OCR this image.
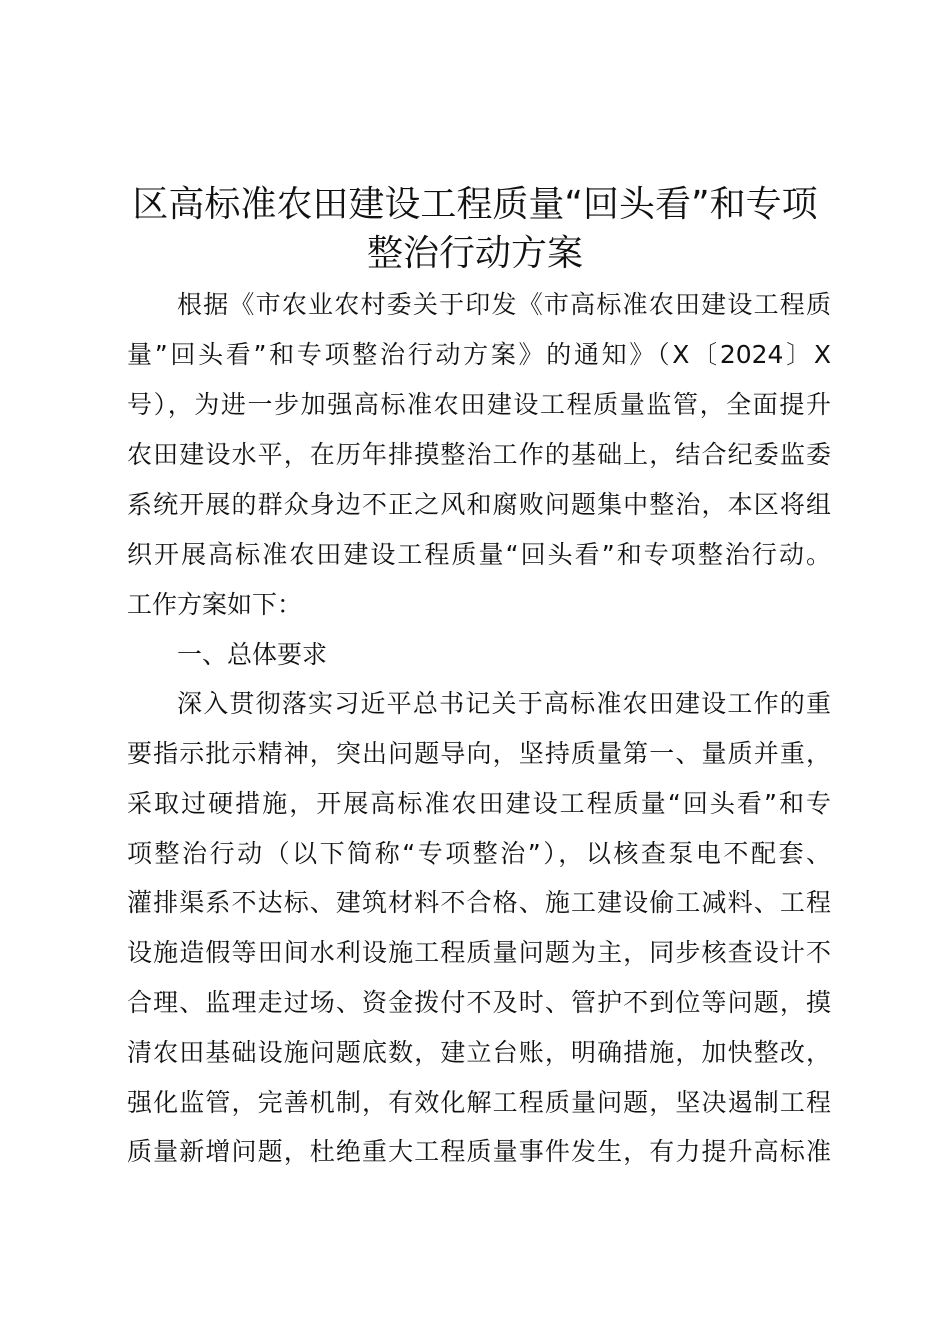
区高标准农田建设工程质量“回头看”和专项
整治行动方案
根据《市农业农村委关于印发《市高标准农田建设工程质
量”回头看”和专项整治行动方案》的通知》（X〔2024〕X
号），为进一步加强高标准农田建设工程质量监管，全面提升
农田建设水平，在历年排摸整治工作的基础上，结合纪委监委
系统开展的群众身边不正之风和腐败问题集中整治，本区将组
织开展高标准农田建设工程质量“回头看”和专项整治行动。
工作方案如下：
一、总体要求
深入贯彻落实习近平总书记关于高标准农田建设工作的重
要指示批示精神，突出问题导向，坚持质量第一、量质并重，
采取过硬措施，开展高标准农田建设工程质量“回头看”和专
项整治行动（以下简称“专项整治”），以核查泵电不配套、
灌排渠系不达标、建筑材料不合格、施工建设偷工减料、工程
设施造假等田间水利设施工程质量问题为主，同步核查设计不
合理、监理走过场、资金拨付不及时、管护不到位等问题，摸
清农田基础设施问题底数，建立台账，明确措施，加快整改，
强化监管，完善机制，有效化解工程质量问题，坚决遏制工程
质量新增问题，杜绝重大工程质量事件发生，有力提升高标准
